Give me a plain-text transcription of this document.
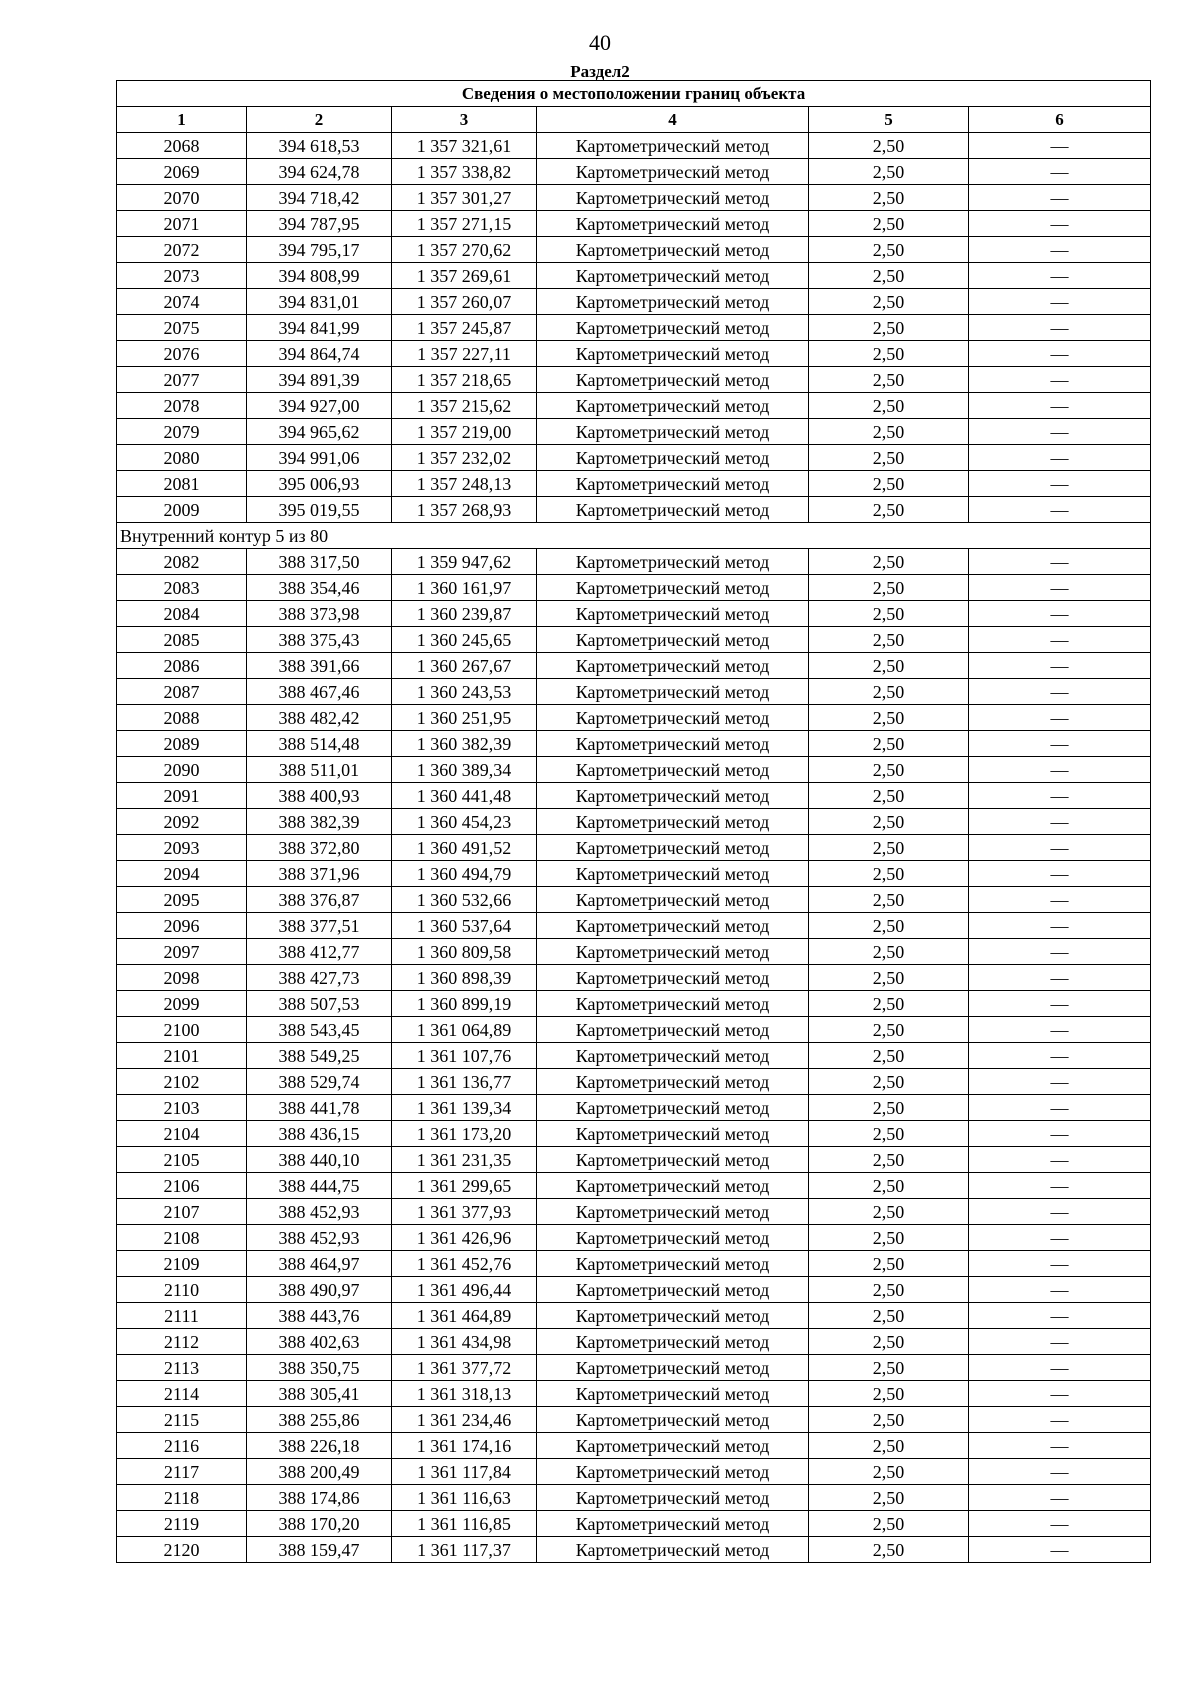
40
Раздел2
Сведения о местоположении границ объекта					
1	2	3	4	5	6
2068	394 618,53	1 357 321,61	Картометрический метод	2,50	—
2069	394 624,78	1 357 338,82	Картометрический метод	2,50	—
2070	394 718,42	1 357 301,27	Картометрический метод	2,50	—
2071	394 787,95	1 357 271,15	Картометрический метод	2,50	—
2072	394 795,17	1 357 270,62	Картометрический метод	2,50	—
2073	394 808,99	1 357 269,61	Картометрический метод	2,50	—
2074	394 831,01	1 357 260,07	Картометрический метод	2,50	—
2075	394 841,99	1 357 245,87	Картометрический метод	2,50	—
2076	394 864,74	1 357 227,11	Картометрический метод	2,50	—
2077	394 891,39	1 357 218,65	Картометрический метод	2,50	—
2078	394 927,00	1 357 215,62	Картометрический метод	2,50	—
2079	394 965,62	1 357 219,00	Картометрический метод	2,50	—
2080	394 991,06	1 357 232,02	Картометрический метод	2,50	—
2081	395 006,93	1 357 248,13	Картометрический метод	2,50	—
2009	395 019,55	1 357 268,93	Картометрический метод	2,50	—
Внутренний контур 5 из 80					
2082	388 317,50	1 359 947,62	Картометрический метод	2,50	—
2083	388 354,46	1 360 161,97	Картометрический метод	2,50	—
2084	388 373,98	1 360 239,87	Картометрический метод	2,50	—
2085	388 375,43	1 360 245,65	Картометрический метод	2,50	—
2086	388 391,66	1 360 267,67	Картометрический метод	2,50	—
2087	388 467,46	1 360 243,53	Картометрический метод	2,50	—
2088	388 482,42	1 360 251,95	Картометрический метод	2,50	—
2089	388 514,48	1 360 382,39	Картометрический метод	2,50	—
2090	388 511,01	1 360 389,34	Картометрический метод	2,50	—
2091	388 400,93	1 360 441,48	Картометрический метод	2,50	—
2092	388 382,39	1 360 454,23	Картометрический метод	2,50	—
2093	388 372,80	1 360 491,52	Картометрический метод	2,50	—
2094	388 371,96	1 360 494,79	Картометрический метод	2,50	—
2095	388 376,87	1 360 532,66	Картометрический метод	2,50	—
2096	388 377,51	1 360 537,64	Картометрический метод	2,50	—
2097	388 412,77	1 360 809,58	Картометрический метод	2,50	—
2098	388 427,73	1 360 898,39	Картометрический метод	2,50	—
2099	388 507,53	1 360 899,19	Картометрический метод	2,50	—
2100	388 543,45	1 361 064,89	Картометрический метод	2,50	—
2101	388 549,25	1 361 107,76	Картометрический метод	2,50	—
2102	388 529,74	1 361 136,77	Картометрический метод	2,50	—
2103	388 441,78	1 361 139,34	Картометрический метод	2,50	—
2104	388 436,15	1 361 173,20	Картометрический метод	2,50	—
2105	388 440,10	1 361 231,35	Картометрический метод	2,50	—
2106	388 444,75	1 361 299,65	Картометрический метод	2,50	—
2107	388 452,93	1 361 377,93	Картометрический метод	2,50	—
2108	388 452,93	1 361 426,96	Картометрический метод	2,50	—
2109	388 464,97	1 361 452,76	Картометрический метод	2,50	—
2110	388 490,97	1 361 496,44	Картометрический метод	2,50	—
2111	388 443,76	1 361 464,89	Картометрический метод	2,50	—
2112	388 402,63	1 361 434,98	Картометрический метод	2,50	—
2113	388 350,75	1 361 377,72	Картометрический метод	2,50	—
2114	388 305,41	1 361 318,13	Картометрический метод	2,50	—
2115	388 255,86	1 361 234,46	Картометрический метод	2,50	—
2116	388 226,18	1 361 174,16	Картометрический метод	2,50	—
2117	388 200,49	1 361 117,84	Картометрический метод	2,50	—
2118	388 174,86	1 361 116,63	Картометрический метод	2,50	—
2119	388 170,20	1 361 116,85	Картометрический метод	2,50	—
2120	388 159,47	1 361 117,37	Картометрический метод	2,50	—
